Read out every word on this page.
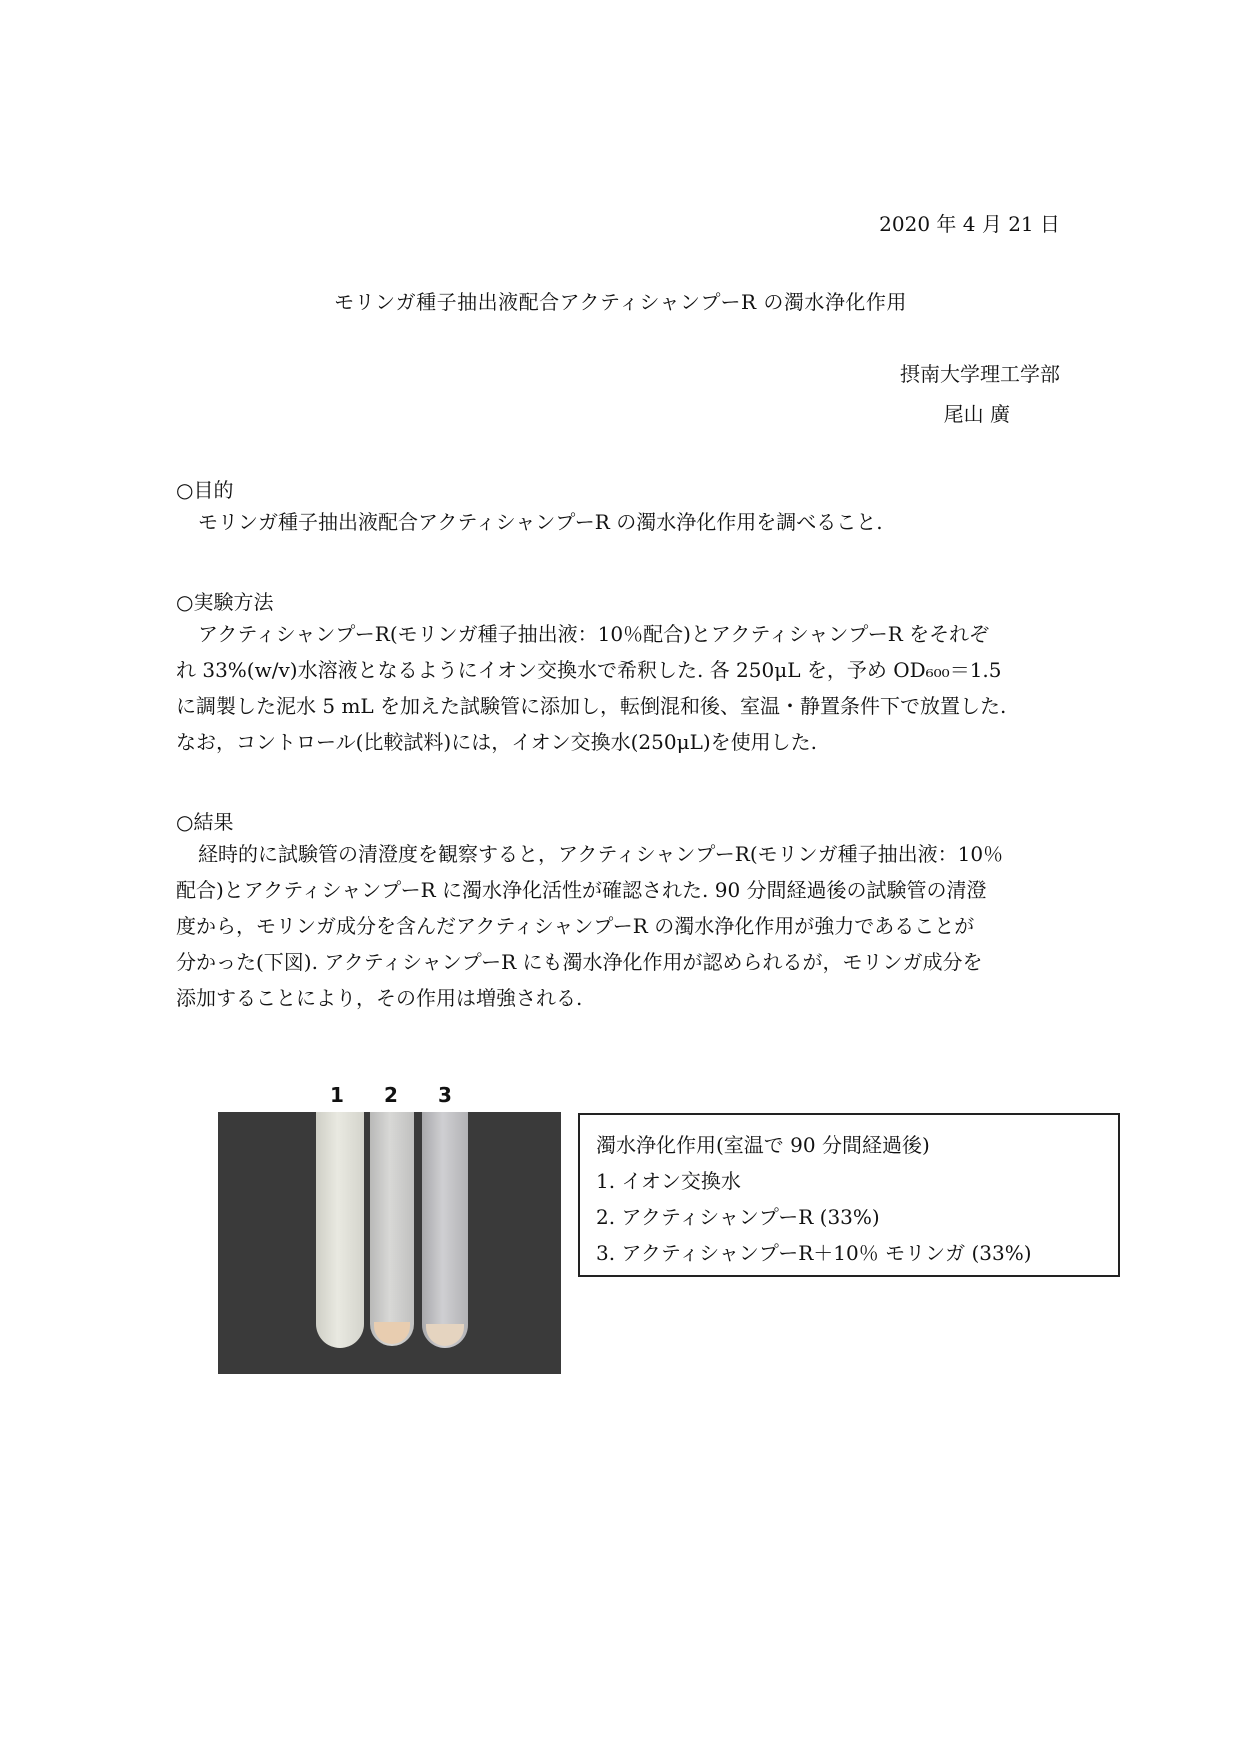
2020 年 4 月 21 日
モリンガ種子抽出液配合アクティシャンプーR の濁水浄化作用
摂南大学理工学部
尾山 廣
○目的
モリンガ種子抽出液配合アクティシャンプーR の濁水浄化作用を調べること.
○実験方法
アクティシャンプーR(モリンガ種子抽出液：10％配合)とアクティシャンプーR をそれぞ
れ 33%(w/v)水溶液となるようにイオン交換水で希釈した. 各 250μL を，予め OD₆₀₀＝1.5
に調製した泥水 5 mL を加えた試験管に添加し，転倒混和後、室温・静置条件下で放置した.
なお，コントロール(比較試料)には，イオン交換水(250μL)を使用した.
○結果
経時的に試験管の清澄度を観察すると，アクティシャンプーR(モリンガ種子抽出液：10％
配合)とアクティシャンプーR に濁水浄化活性が確認された. 90 分間経過後の試験管の清澄
度から，モリンガ成分を含んだアクティシャンプーR の濁水浄化作用が強力であることが
分かった(下図). アクティシャンプーR にも濁水浄化作用が認められるが，モリンガ成分を
添加することにより，その作用は増強される.
1 2 3
濁水浄化作用(室温で 90 分間経過後)
1. イオン交換水
2. アクティシャンプーR (33%)
3. アクティシャンプーR＋10％ モリンガ (33%)
